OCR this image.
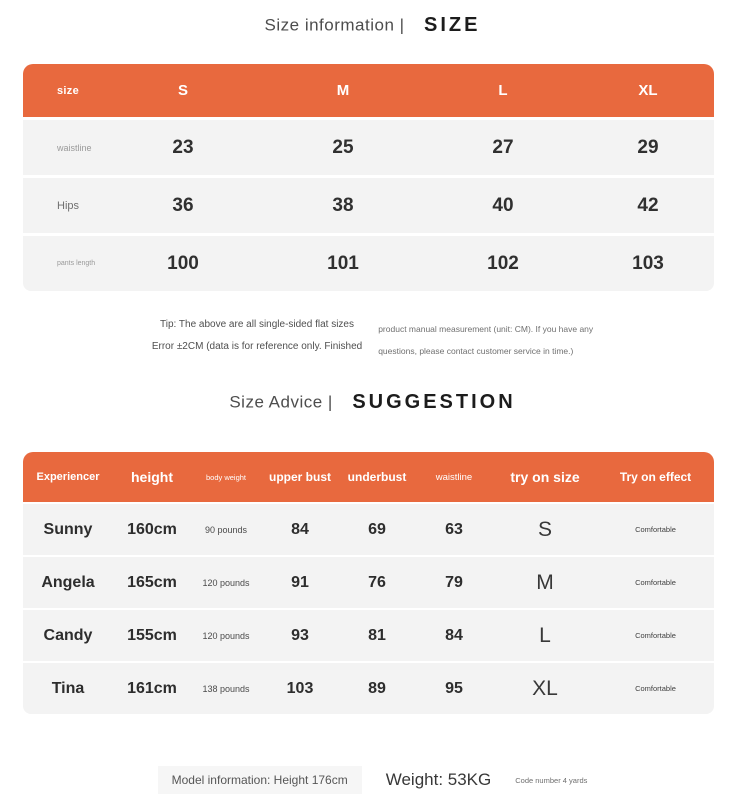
Size information | SIZE
size	S	M	L	XL
waistline	23	25	27	29
Hips	36	38	40	42
pants length	100	101	102	103
Tip: The above are all single-sided flat sizes
Error ±2CM (data is for reference only. Finished
product manual measurement (unit: CM). If you have any
questions, please contact customer service in time.)
Size Advice | SUGGESTION
Experiencer	height	body weight	upper bust	underbust	waistline	try on size	Try on effect
Sunny	160cm	90 pounds	84	69	63	S	Comfortable
Angela	165cm	120 pounds	91	76	79	M	Comfortable
Candy	155cm	120 pounds	93	81	84	L	Comfortable
Tina	161cm	138 pounds	103	89	95	XL	Comfortable
Model information: Height 176cm	Weight: 53KG	Code number 4 yards
